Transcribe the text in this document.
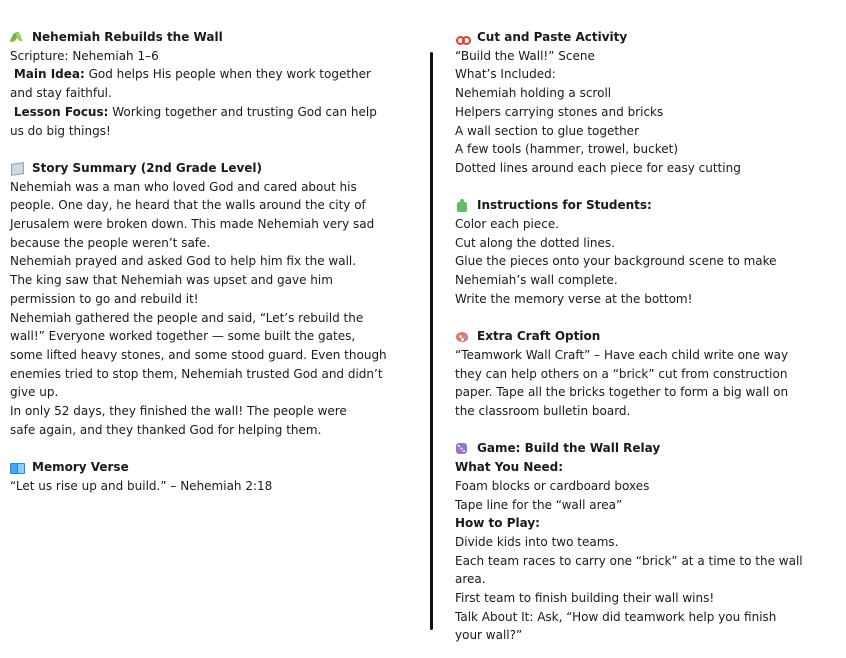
Nehemiah Rebuilds the Wall
Scripture: Nehemiah 1–6
Main Idea: God helps His people when they work together
and stay faithful.
Lesson Focus: Working together and trusting God can help
us do big things!
Story Summary (2nd Grade Level)
Nehemiah was a man who loved God and cared about his
people. One day, he heard that the walls around the city of
Jerusalem were broken down. This made Nehemiah very sad
because the people weren’t safe.
Nehemiah prayed and asked God to help him fix the wall.
The king saw that Nehemiah was upset and gave him
permission to go and rebuild it!
Nehemiah gathered the people and said, “Let’s rebuild the
wall!” Everyone worked together — some built the gates,
some lifted heavy stones, and some stood guard. Even though
enemies tried to stop them, Nehemiah trusted God and didn’t
give up.
In only 52 days, they finished the wall! The people were
safe again, and they thanked God for helping them.
Memory Verse
“Let us rise up and build.” – Nehemiah 2:18
Cut and Paste Activity
“Build the Wall!” Scene
What’s Included:
Nehemiah holding a scroll
Helpers carrying stones and bricks
A wall section to glue together
A few tools (hammer, trowel, bucket)
Dotted lines around each piece for easy cutting
Instructions for Students:
Color each piece.
Cut along the dotted lines.
Glue the pieces onto your background scene to make
Nehemiah’s wall complete.
Write the memory verse at the bottom!
Extra Craft Option
“Teamwork Wall Craft” – Have each child write one way
they can help others on a “brick” cut from construction
paper. Tape all the bricks together to form a big wall on
the classroom bulletin board.
Game: Build the Wall Relay
What You Need:
Foam blocks or cardboard boxes
Tape line for the “wall area”
How to Play:
Divide kids into two teams.
Each team races to carry one “brick” at a time to the wall
area.
First team to finish building their wall wins!
Talk About It: Ask, “How did teamwork help you finish
your wall?”
